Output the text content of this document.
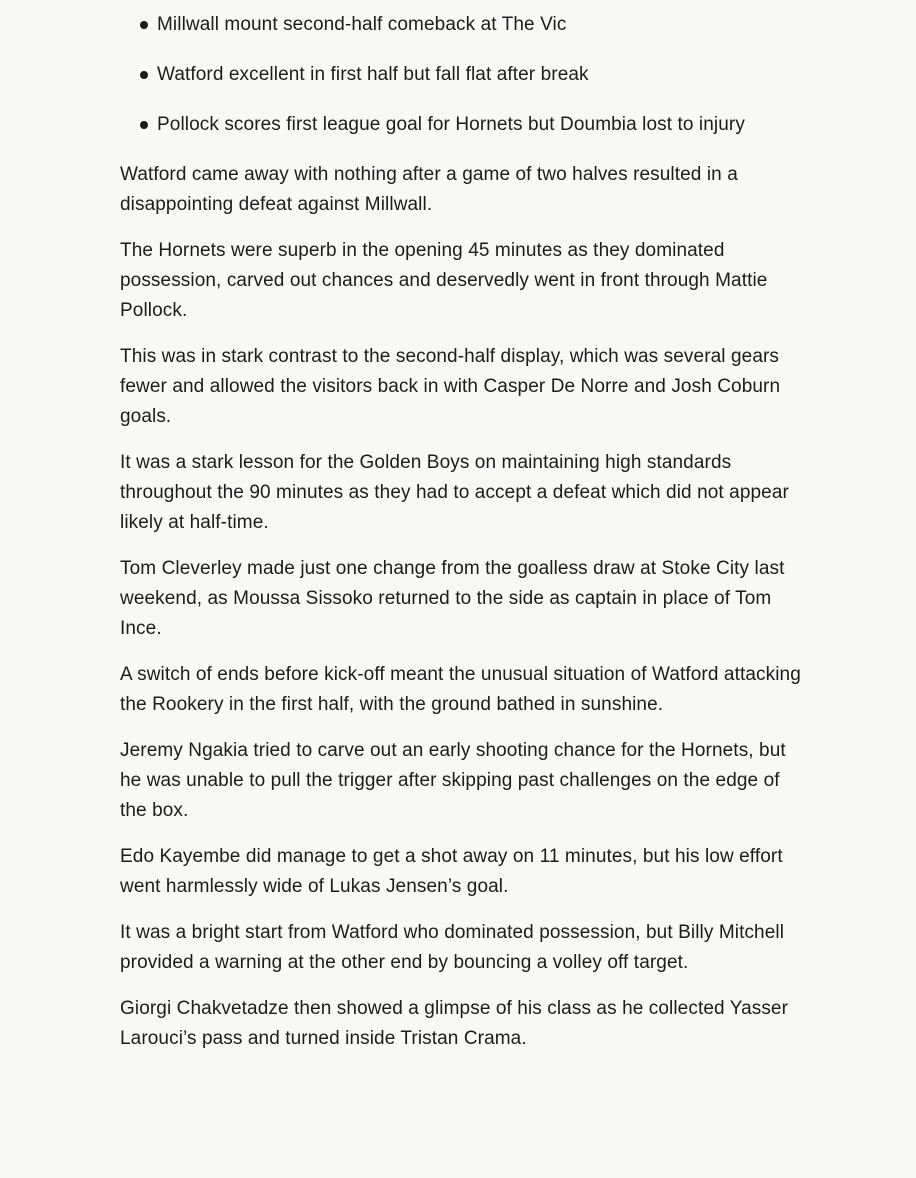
Millwall mount second-half comeback at The Vic
Watford excellent in first half but fall flat after break
Pollock scores first league goal for Hornets but Doumbia lost to injury

Watford came away with nothing after a game of two halves resulted in a disappointing defeat against Millwall.

The Hornets were superb in the opening 45 minutes as they dominated possession, carved out chances and deservedly went in front through Mattie Pollock.

This was in stark contrast to the second-half display, which was several gears fewer and allowed the visitors back in with Casper De Norre and Josh Coburn goals.

It was a stark lesson for the Golden Boys on maintaining high standards throughout the 90 minutes as they had to accept a defeat which did not appear likely at half-time.

Tom Cleverley made just one change from the goalless draw at Stoke City last weekend, as Moussa Sissoko returned to the side as captain in place of Tom Ince.

A switch of ends before kick-off meant the unusual situation of Watford attacking the Rookery in the first half, with the ground bathed in sunshine.

Jeremy Ngakia tried to carve out an early shooting chance for the Hornets, but he was unable to pull the trigger after skipping past challenges on the edge of the box.

Edo Kayembe did manage to get a shot away on 11 minutes, but his low effort went harmlessly wide of Lukas Jensen’s goal.

It was a bright start from Watford who dominated possession, but Billy Mitchell provided a warning at the other end by bouncing a volley off target.

Giorgi Chakvetadze then showed a glimpse of his class as he collected Yasser Larouci’s pass and turned inside Tristan Crama.
